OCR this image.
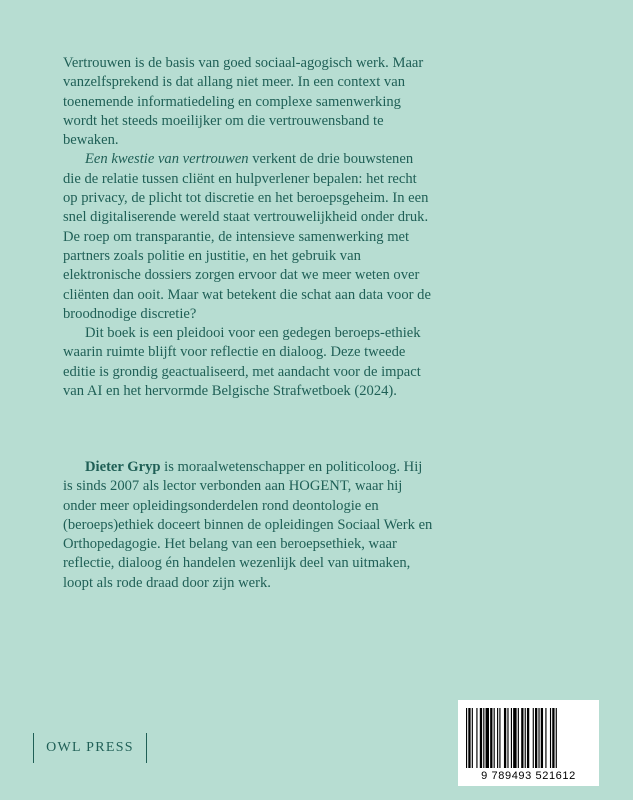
Vertrouwen is de basis van goed sociaal-agogisch werk. Maar vanzelfsprekend is dat allang niet meer. In een context van toenemende informatiedeling en complexe samenwerking wordt het steeds moeilijker om die vertrouwensband te bewaken.

Een kwestie van vertrouwen verkent de drie bouwstenen die de relatie tussen cliënt en hulpverlener bepalen: het recht op privacy, de plicht tot discretie en het beroepsgeheim. In een snel digitaliserende wereld staat vertrouwelijkheid onder druk. De roep om transparantie, de intensieve samenwerking met partners zoals politie en justitie, en het gebruik van elektronische dossiers zorgen ervoor dat we meer weten over cliënten dan ooit. Maar wat betekent die schat aan data voor de broodnodige discretie?

Dit boek is een pleidooi voor een gedegen beroeps-ethiek waarin ruimte blijft voor reflectie en dialoog. Deze tweede editie is grondig geactualiseerd, met aandacht voor de impact van AI en het hervormde Belgische Strafwetboek (2024).

Dieter Gryp is moraalwetenschapper en politicoloog. Hij is sinds 2007 als lector verbonden aan HOGENT, waar hij onder meer opleidingsonderdelen rond deontologie en (beroeps)ethiek doceert binnen de opleidingen Sociaal Werk en Orthopedagogie. Het belang van een beroepsethiek, waar reflectie, dialoog én handelen wezenlijk deel van uitmaken, loopt als rode draad door zijn werk.

OWL PRESS
9 789493 521612
